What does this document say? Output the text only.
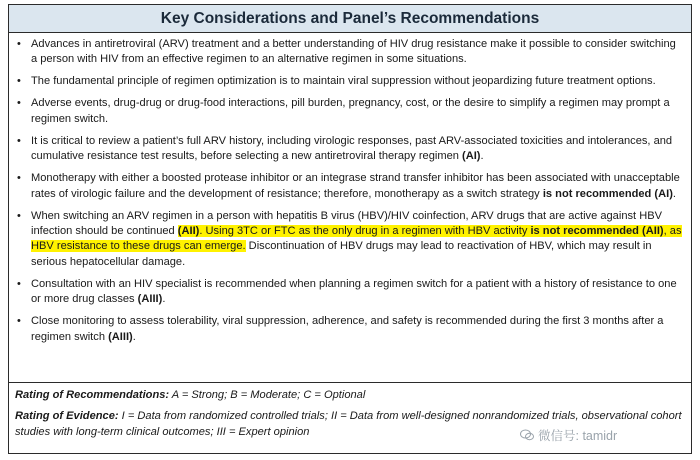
Key Considerations and Panel’s Recommendations
• Advances in antiretroviral (ARV) treatment and a better understanding of HIV drug resistance make it possible to consider switching a person with HIV from an effective regimen to an alternative regimen in some situations.
• The fundamental principle of regimen optimization is to maintain viral suppression without jeopardizing future treatment options.
• Adverse events, drug-drug or drug-food interactions, pill burden, pregnancy, cost, or the desire to simplify a regimen may prompt a regimen switch.
• It is critical to review a patient’s full ARV history, including virologic responses, past ARV-associated toxicities and intolerances, and cumulative resistance test results, before selecting a new antiretroviral therapy regimen (AI).
• Monotherapy with either a boosted protease inhibitor or an integrase strand transfer inhibitor has been associated with unacceptable rates of virologic failure and the development of resistance; therefore, monotherapy as a switch strategy is not recommended (AI).
• When switching an ARV regimen in a person with hepatitis B virus (HBV)/HIV coinfection, ARV drugs that are active against HBV infection should be continued (AII). Using 3TC or FTC as the only drug in a regimen with HBV activity is not recommended (AII), as HBV resistance to these drugs can emerge. Discontinuation of HBV drugs may lead to reactivation of HBV, which may result in serious hepatocellular damage.
• Consultation with an HIV specialist is recommended when planning a regimen switch for a patient with a history of resistance to one or more drug classes (AIII).
• Close monitoring to assess tolerability, viral suppression, adherence, and safety is recommended during the first 3 months after a regimen switch (AIII).

Rating of Recommendations: A = Strong; B = Moderate; C = Optional

Rating of Evidence: I = Data from randomized controlled trials; II = Data from well-designed nonrandomized trials, observational cohort studies with long-term clinical outcomes; III = Expert opinion	微信号: tamidr
